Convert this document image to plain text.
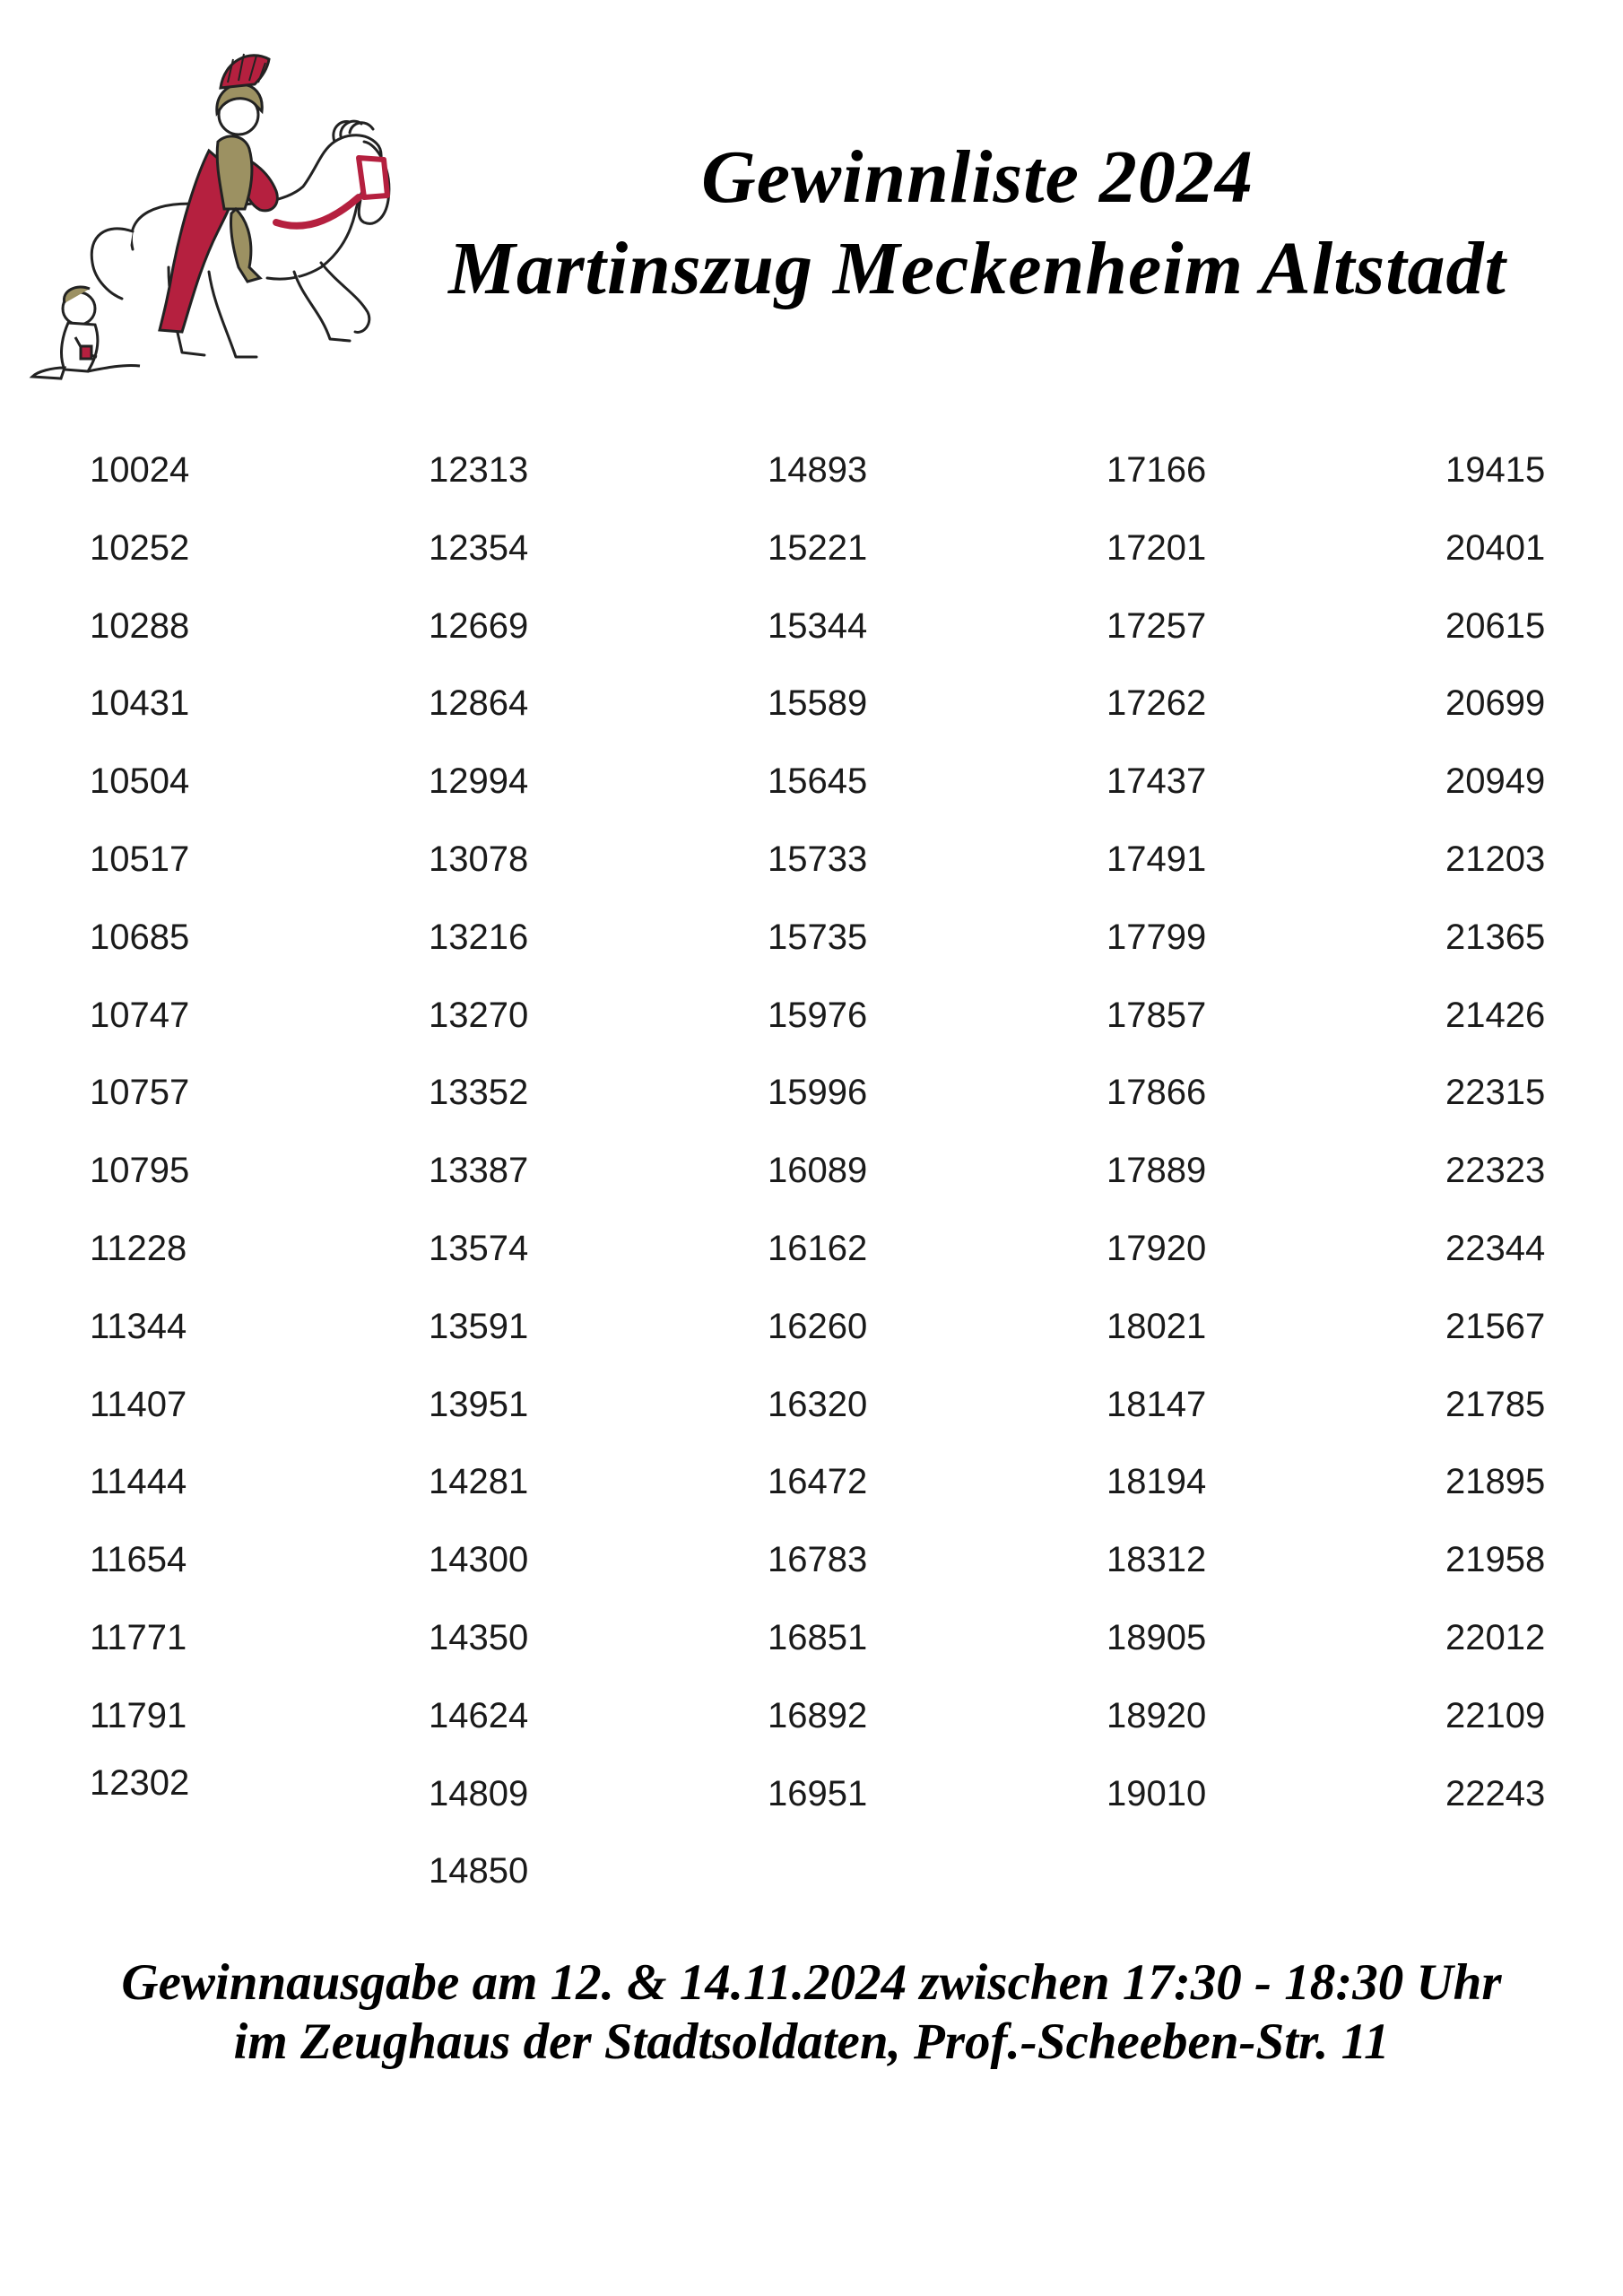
Gewinnliste 2024
Martinszug Meckenheim Altstadt
10024
10252
10288
10431
10504
10517
10685
10747
10757
10795
11228
11344
11407
11444
11654
11771
11791
12302
12313
12354
12669
12864
12994
13078
13216
13270
13352
13387
13574
13591
13951
14281
14300
14350
14624
14809
14850
14893
15221
15344
15589
15645
15733
15735
15976
15996
16089
16162
16260
16320
16472
16783
16851
16892
16951
17166
17201
17257
17262
17437
17491
17799
17857
17866
17889
17920
18021
18147
18194
18312
18905
18920
19010
19415
20401
20615
20699
20949
21203
21365
21426
22315
22323
22344
21567
21785
21895
21958
22012
22109
22243
Gewinnausgabe am 12. & 14.11.2024 zwischen 17:30 - 18:30 Uhr
im Zeughaus der Stadtsoldaten, Prof.-Scheeben-Str. 11
